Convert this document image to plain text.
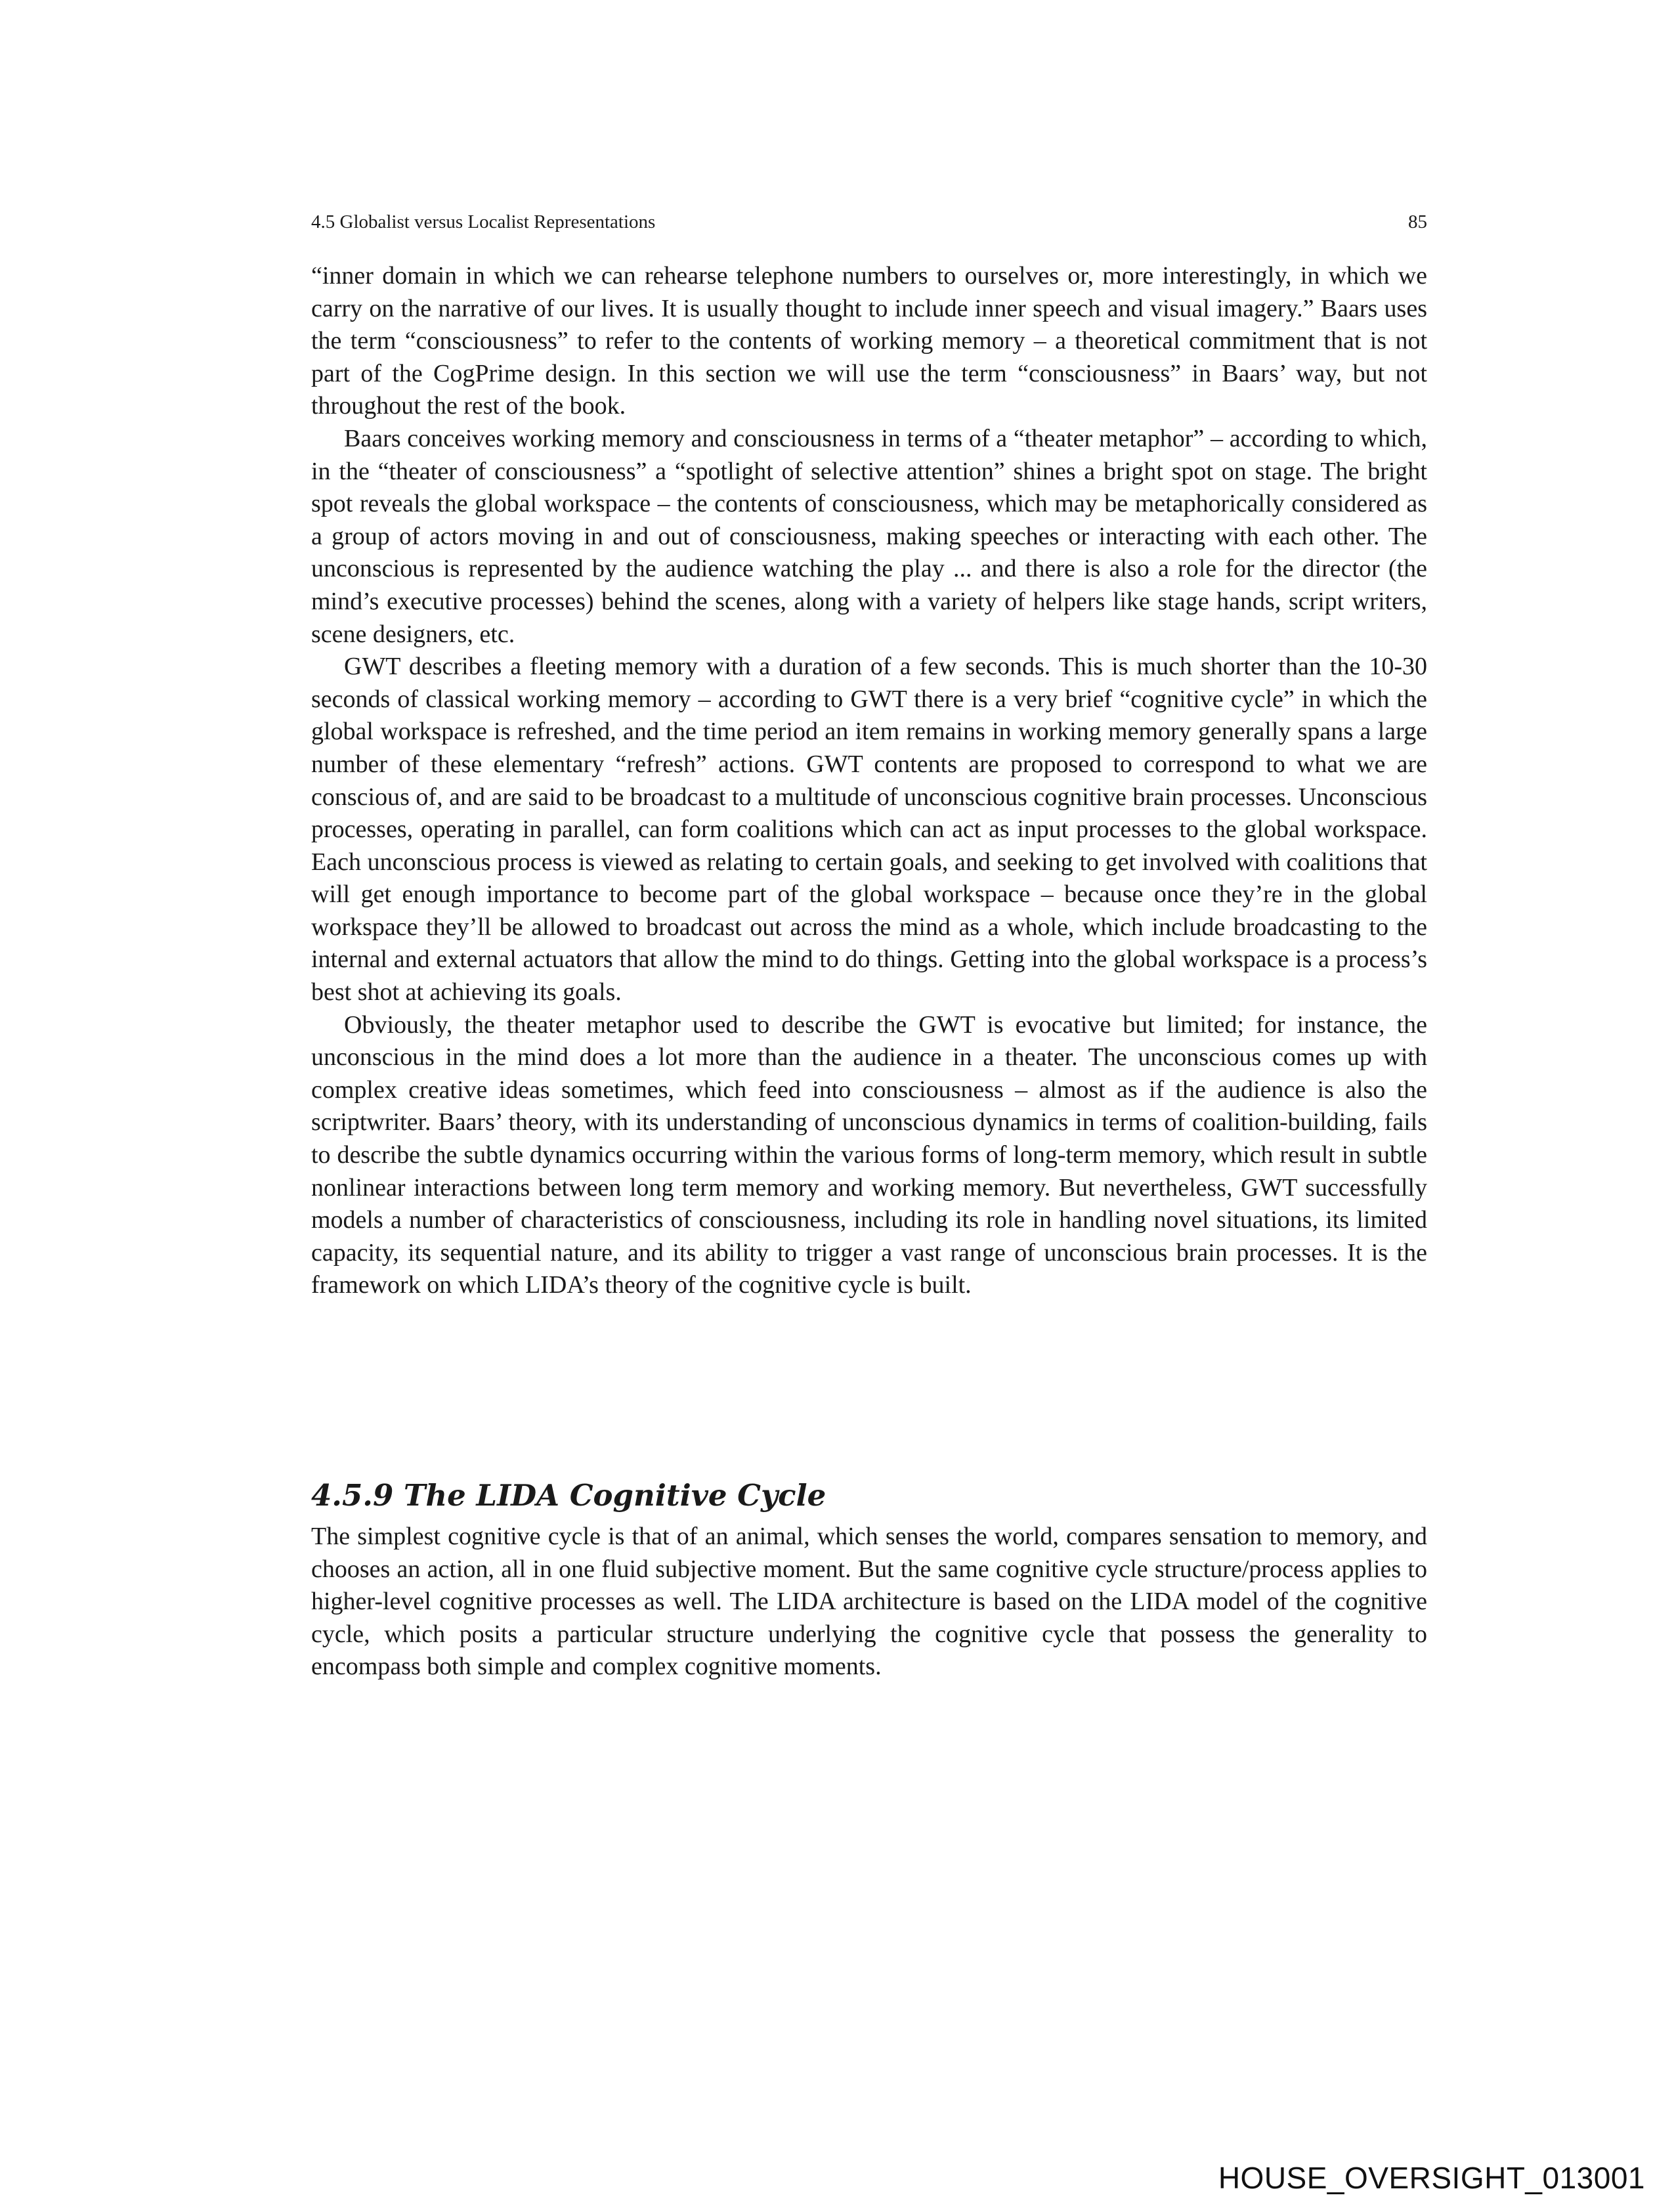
4.5 Globalist versus Localist Representations	85

“inner domain in which we can rehearse telephone numbers to ourselves or, more interestingly, in which we carry on the narrative of our lives. It is usually thought to include inner speech and visual imagery.” Baars uses the term “consciousness” to refer to the contents of working memory – a theoretical commitment that is not part of the CogPrime design. In this section we will use the term “consciousness” in Baars’ way, but not throughout the rest of the book.

Baars conceives working memory and consciousness in terms of a “theater metaphor” – according to which, in the “theater of consciousness” a “spotlight of selective attention” shines a bright spot on stage. The bright spot reveals the global workspace – the contents of consciousness, which may be metaphorically considered as a group of actors moving in and out of consciousness, making speeches or interacting with each other. The unconscious is represented by the audience watching the play ... and there is also a role for the director (the mind’s executive processes) behind the scenes, along with a variety of helpers like stage hands, script writers, scene designers, etc.

GWT describes a fleeting memory with a duration of a few seconds. This is much shorter than the 10-30 seconds of classical working memory – according to GWT there is a very brief “cognitive cycle” in which the global workspace is refreshed, and the time period an item remains in working memory generally spans a large number of these elementary “refresh” actions. GWT contents are proposed to correspond to what we are conscious of, and are said to be broadcast to a multitude of unconscious cognitive brain processes. Unconscious processes, operating in parallel, can form coalitions which can act as input processes to the global workspace. Each unconscious process is viewed as relating to certain goals, and seeking to get involved with coalitions that will get enough importance to become part of the global workspace – because once they’re in the global workspace they’ll be allowed to broadcast out across the mind as a whole, which include broadcasting to the internal and external actuators that allow the mind to do things. Getting into the global workspace is a process’s best shot at achieving its goals.

Obviously, the theater metaphor used to describe the GWT is evocative but limited; for instance, the unconscious in the mind does a lot more than the audience in a theater. The unconscious comes up with complex creative ideas sometimes, which feed into consciousness – almost as if the audience is also the scriptwriter. Baars’ theory, with its understanding of unconscious dynamics in terms of coalition-building, fails to describe the subtle dynamics occurring within the various forms of long-term memory, which result in subtle nonlinear interactions between long term memory and working memory. But nevertheless, GWT successfully models a number of characteristics of consciousness, including its role in handling novel situations, its limited capacity, its sequential nature, and its ability to trigger a vast range of unconscious brain processes. It is the framework on which LIDA’s theory of the cognitive cycle is built.

4.5.9 The LIDA Cognitive Cycle

The simplest cognitive cycle is that of an animal, which senses the world, compares sensation to memory, and chooses an action, all in one fluid subjective moment. But the same cognitive cycle structure/process applies to higher-level cognitive processes as well. The LIDA architecture is based on the LIDA model of the cognitive cycle, which posits a particular structure underlying the cognitive cycle that possess the generality to encompass both simple and complex cognitive moments.

HOUSE_OVERSIGHT_013001
